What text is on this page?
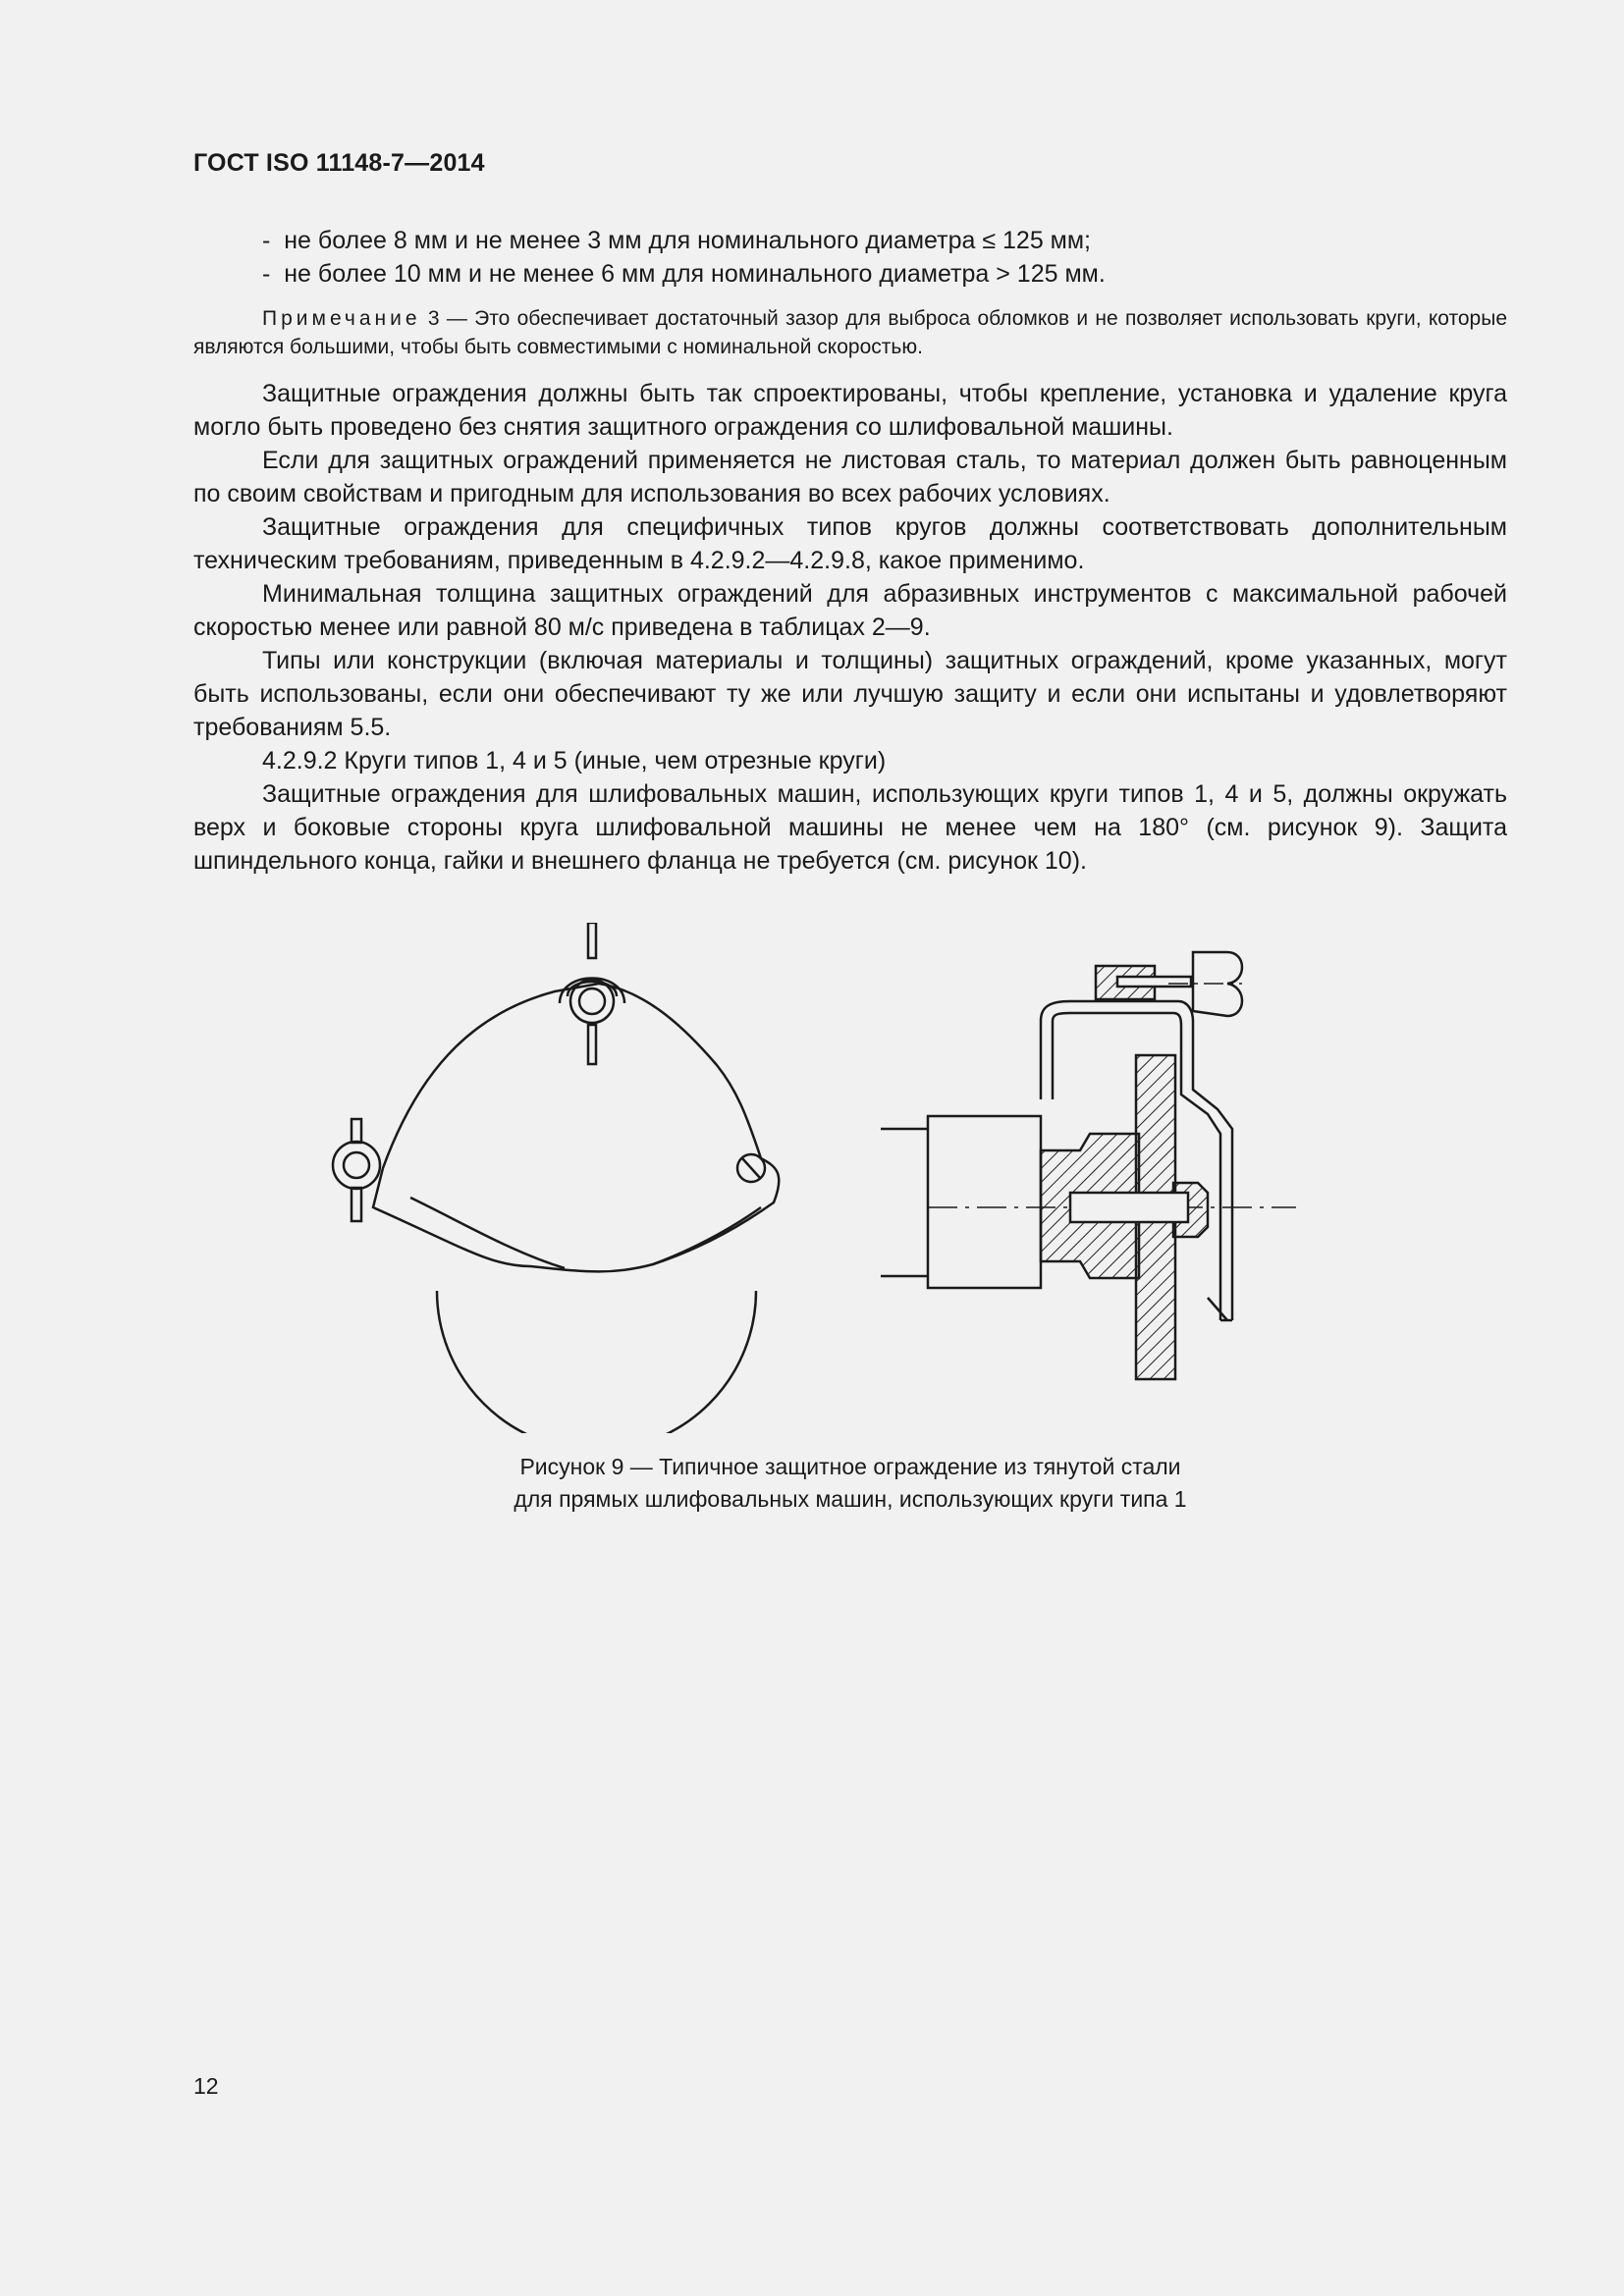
ГОСТ ISO 11148-7—2014

-  не более 8 мм и не менее 3 мм для номинального диаметра ≤ 125 мм;

-  не более 10 мм и не менее 6 мм для номинального диаметра > 125 мм.

Примечание 3 — Это обеспечивает достаточный зазор для выброса обломков и не позволяет использовать круги, которые являются большими, чтобы быть совместимыми с номинальной скоростью.

Защитные ограждения должны быть так спроектированы, чтобы крепление, установка и удаление круга могло быть проведено без снятия защитного ограждения со шлифовальной машины.

Если для защитных ограждений применяется не листовая сталь, то материал должен быть равноценным по своим свойствам и пригодным для использования во всех рабочих условиях.

Защитные ограждения для специфичных типов кругов должны соответствовать дополнительным техническим требованиям, приведенным в 4.2.9.2—4.2.9.8, какое применимо.

Минимальная толщина защитных ограждений для абразивных инструментов с максимальной рабочей скоростью менее или равной 80 м/с приведена в таблицах 2—9.

Типы или конструкции (включая материалы и толщины) защитных ограждений, кроме указанных, могут быть использованы, если они обеспечивают ту же или лучшую защиту и если они испытаны и удовлетворяют требованиям 5.5.

4.2.9.2 Круги типов 1, 4 и 5 (иные, чем отрезные круги)

Защитные ограждения для шлифовальных машин, использующих круги типов 1, 4 и 5, должны окружать верх и боковые стороны круга шлифовальной машины не менее чем на 180° (см. рисунок 9). Защита шпиндельного конца, гайки и внешнего фланца не требуется (см. рисунок 10).

Рисунок 9 — Типичное защитное ограждение из тянутой стали
для прямых шлифовальных машин, использующих круги типа 1
12
